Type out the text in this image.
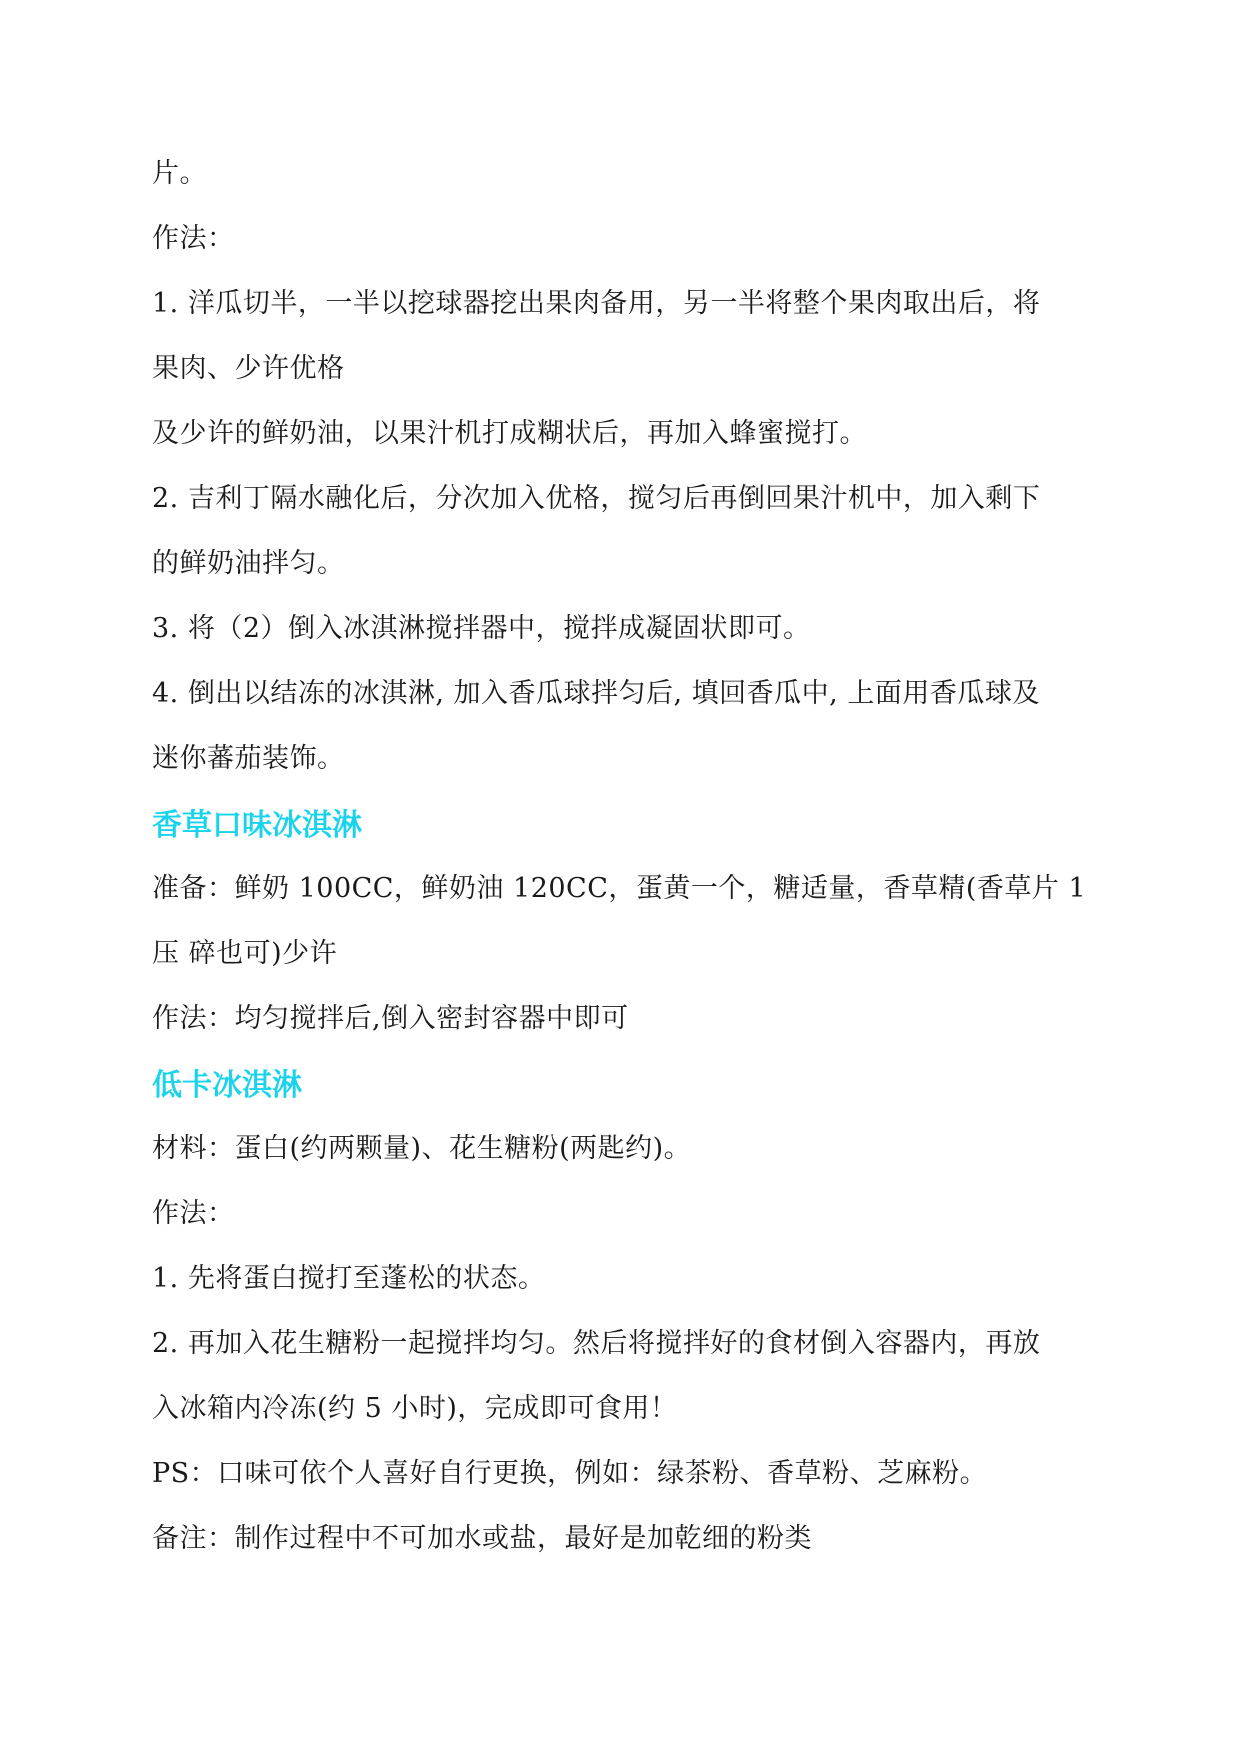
片。
作法：
1. 洋瓜切半，一半以挖球器挖出果肉备用，另一半将整个果肉取出后，将
果肉、少许优格
及少许的鲜奶油，以果汁机打成糊状后，再加入蜂蜜搅打。
2. 吉利丁隔水融化后，分次加入优格，搅匀后再倒回果汁机中，加入剩下
的鲜奶油拌匀。
3. 将（2）倒入冰淇淋搅拌器中，搅拌成凝固状即可。
4. 倒出以结冻的冰淇淋, 加入香瓜球拌匀后, 填回香瓜中, 上面用香瓜球及
迷你蕃茄装饰。
香草口味冰淇淋
准备：鲜奶 100CC，鲜奶油 120CC，蛋黄一个，糖适量，香草精(香草片 1
压 碎也可)少许
作法：均匀搅拌后,倒入密封容器中即可
低卡冰淇淋
材料：蛋白(约两颗量)、花生糖粉(两匙约)。
作法：
1. 先将蛋白搅打至蓬松的状态。
2. 再加入花生糖粉一起搅拌均匀。然后将搅拌好的食材倒入容器内，再放
入冰箱内冷冻(约 5 小时)，完成即可食用！
PS：口味可依个人喜好自行更换，例如：绿茶粉、香草粉、芝麻粉。
备注：制作过程中不可加水或盐，最好是加乾细的粉类
